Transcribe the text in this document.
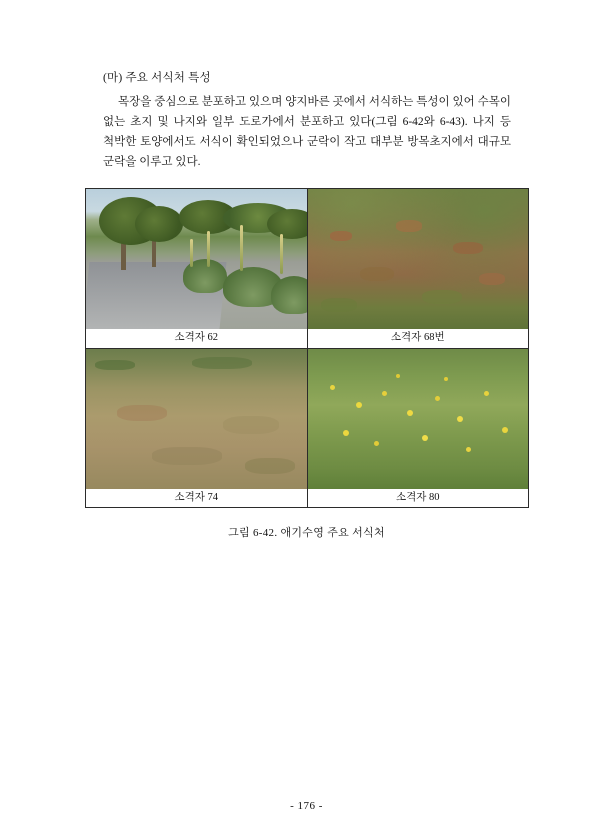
(마) 주요 서식처 특성

목장을 중심으로 분포하고 있으며 양지바른 곳에서 서식하는 특성이 있어 수목이 없는 초지 및 나지와 일부 도로가에서 분포하고 있다(그림 6-42와 6-43). 나지 등 척박한 토양에서도 서식이 확인되었으나 군락이 작고 대부분 방목초지에서 대규모 군락을 이루고 있다.

소격자 62	소격자 68번

소격자 74	소격자 80
그림 6-42. 애기수영 주요 서식처
- 176 -
